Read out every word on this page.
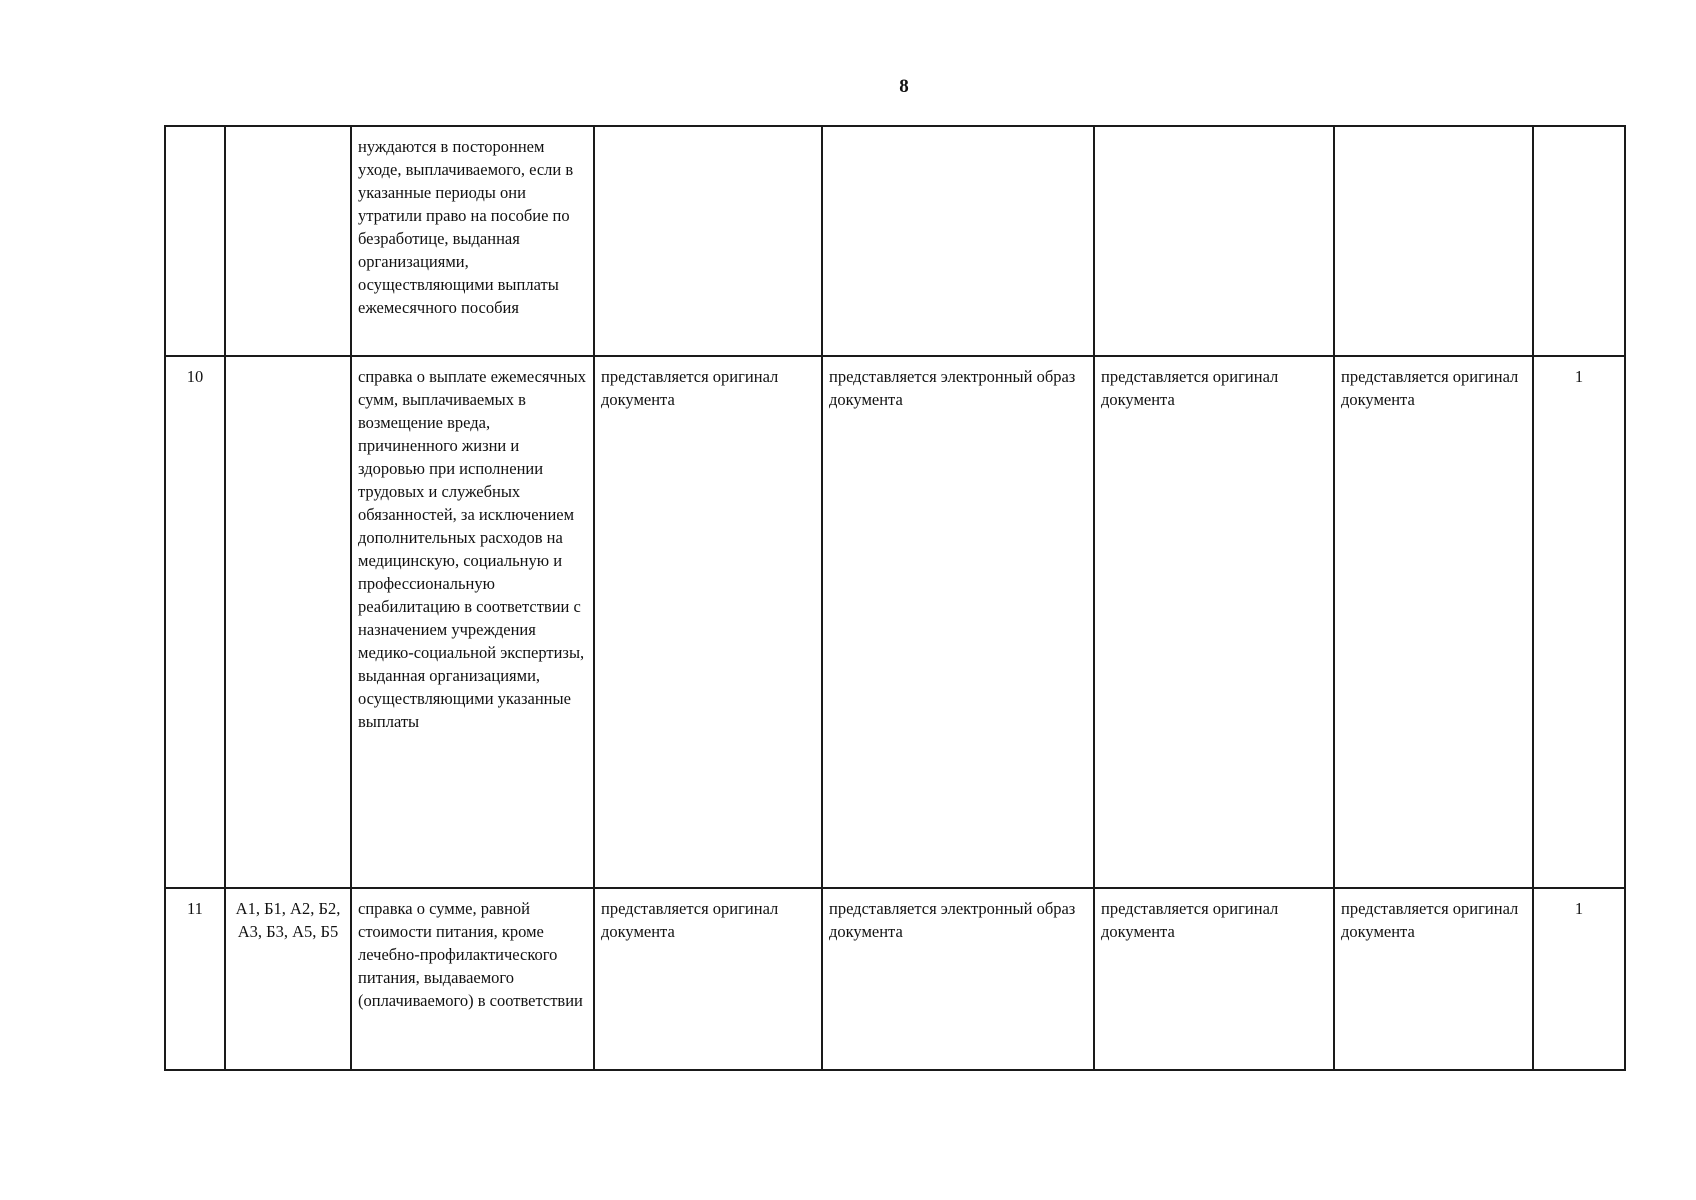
8
		нуждаются в постороннем уходе, выплачиваемого, если в указанные периоды они утратили право на пособие по безработице, выданная организациями, осуществляющими выплаты ежемесячного пособия					
10		справка о выплате ежемесячных сумм, выплачиваемых в возмещение вреда, причиненного жизни и здоровью при исполнении трудовых и служебных обязанностей, за исключением дополнительных расходов на медицинскую, социальную и профессиональную реабилитацию в соответствии с назначением учреждения медико-социальной экспертизы, выданная организациями, осуществляющими указанные выплаты	представляется оригинал документа	представляется электронный образ документа	представляется оригинал документа	представляется оригинал документа	1
11	А1, Б1, А2, Б2, А3, Б3, А5, Б5	справка о сумме, равной стоимости питания, кроме лечебно-профилактического питания, выдаваемого (оплачиваемого) в соответствии	представляется оригинал документа	представляется электронный образ документа	представляется оригинал документа	представляется оригинал документа	1
